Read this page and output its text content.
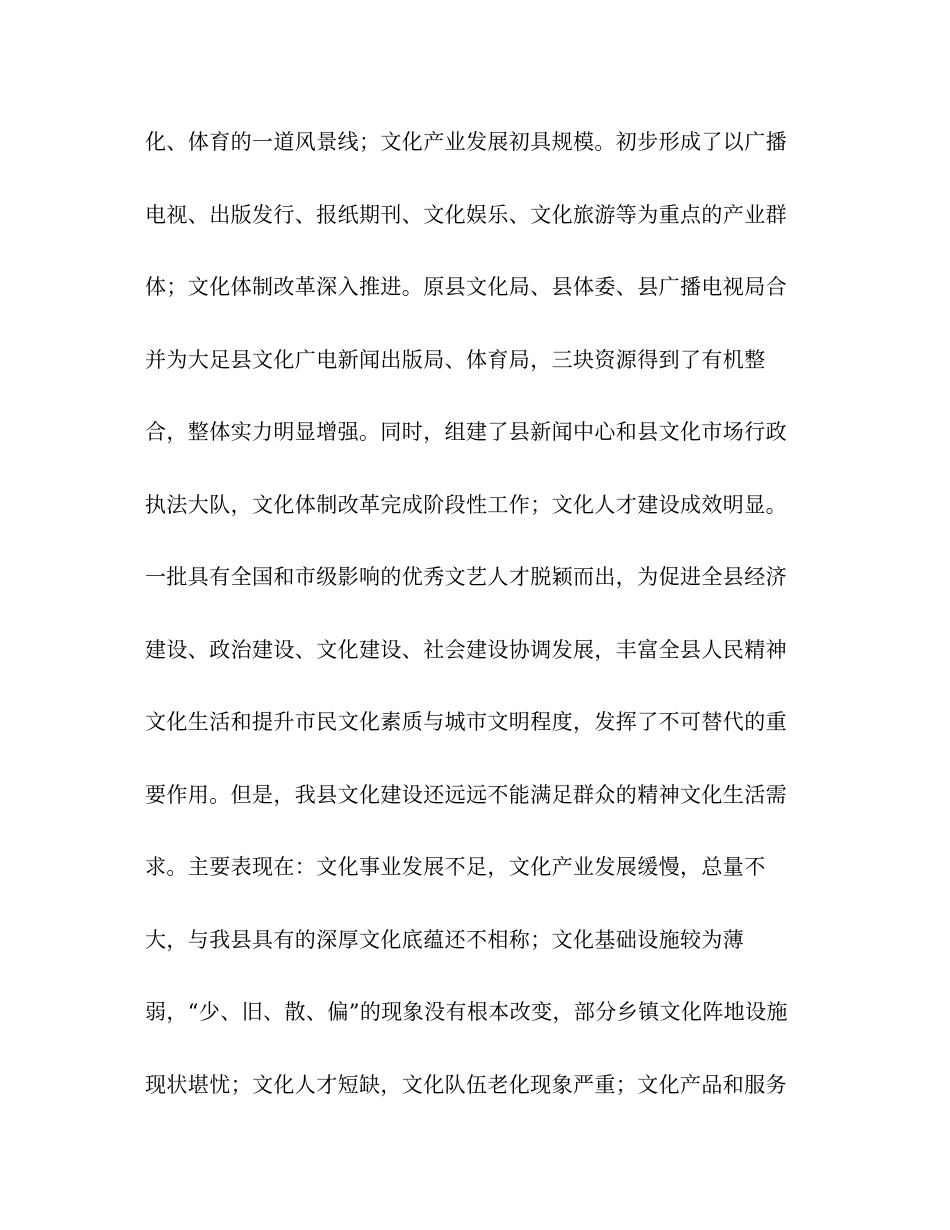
化、体育的一道风景线；文化产业发展初具规模。初步形成了以广播
电视、出版发行、报纸期刊、文化娱乐、文化旅游等为重点的产业群
体；文化体制改革深入推进。原县文化局、县体委、县广播电视局合
并为大足县文化广电新闻出版局、体育局，三块资源得到了有机整
合，整体实力明显增强。同时，组建了县新闻中心和县文化市场行政
执法大队，文化体制改革完成阶段性工作；文化人才建设成效明显。
一批具有全国和市级影响的优秀文艺人才脱颖而出，为促进全县经济
建设、政治建设、文化建设、社会建设协调发展，丰富全县人民精神
文化生活和提升市民文化素质与城市文明程度，发挥了不可替代的重
要作用。但是，我县文化建设还远远不能满足群众的精神文化生活需
求。主要表现在：文化事业发展不足，文化产业发展缓慢，总量不
大，与我县具有的深厚文化底蕴还不相称；文化基础设施较为薄
弱，“少、旧、散、偏”的现象没有根本改变，部分乡镇文化阵地设施
现状堪忧；文化人才短缺，文化队伍老化现象严重；文化产品和服务
